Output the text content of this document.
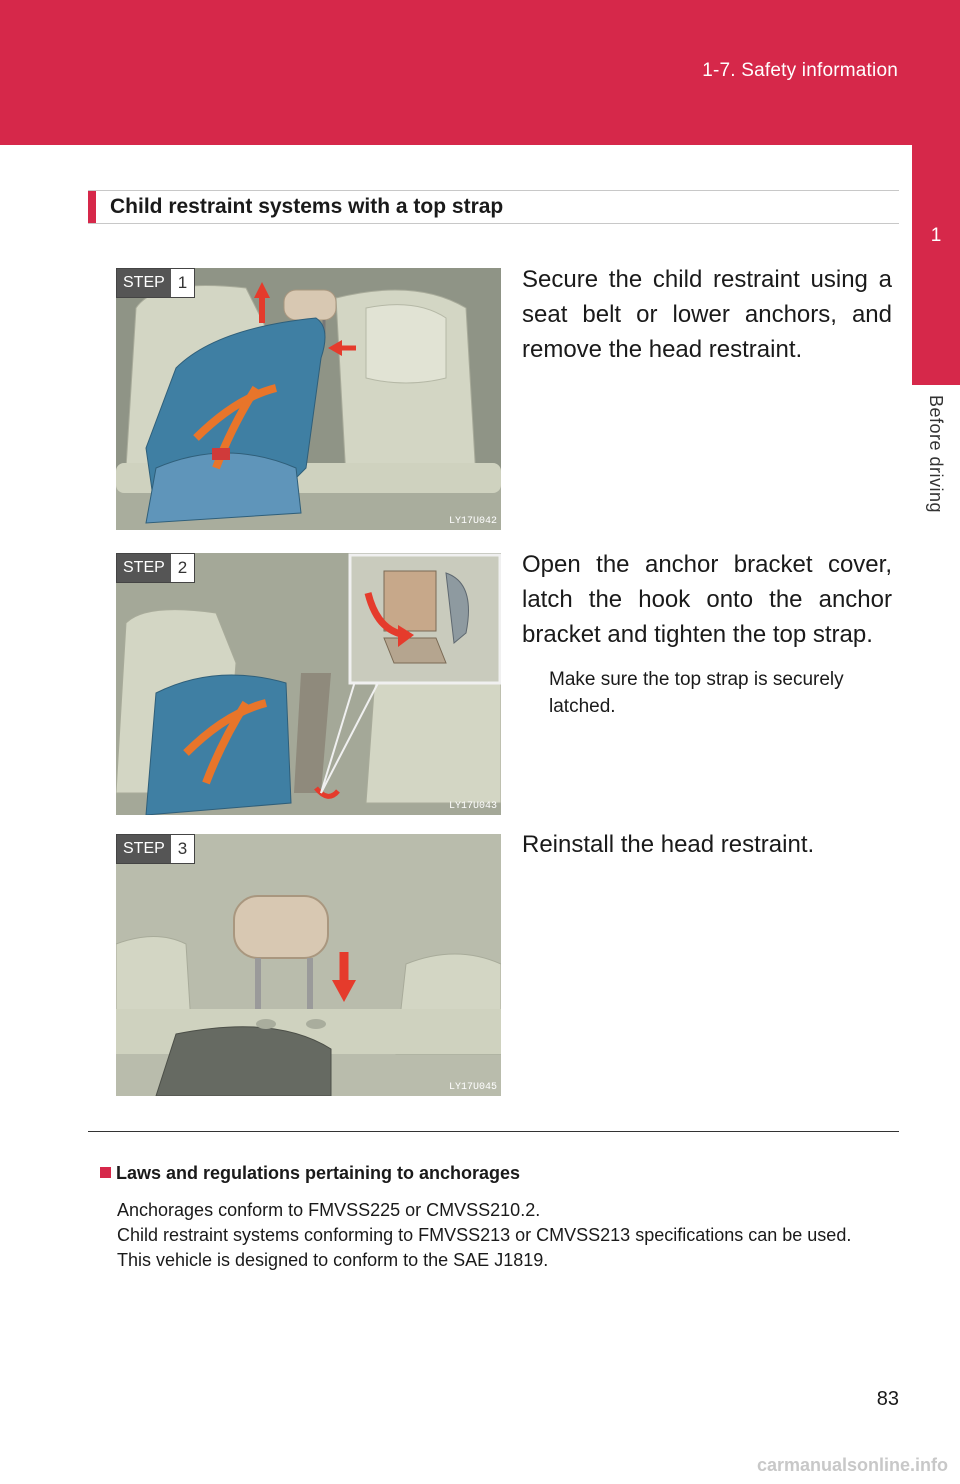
1-7. Safety information
1
Before driving
Child restraint systems with a top strap
STEP 1
LY17U042
Secure the child restraint using a seat belt or lower anchors, and remove the head restraint.
STEP 2
LY17U043
Open the anchor bracket cover, latch the hook onto the anchor bracket and tighten the top strap.
Make sure the top strap is securely latched.
STEP 3
LY17U045
Reinstall the head restraint.
Laws and regulations pertaining to anchorages
Anchorages conform to FMVSS225 or CMVSS210.2.
Child restraint systems conforming to FMVSS213 or CMVSS213 specifications can be used.
This vehicle is designed to conform to the SAE J1819.
83
carmanualsonline.info
